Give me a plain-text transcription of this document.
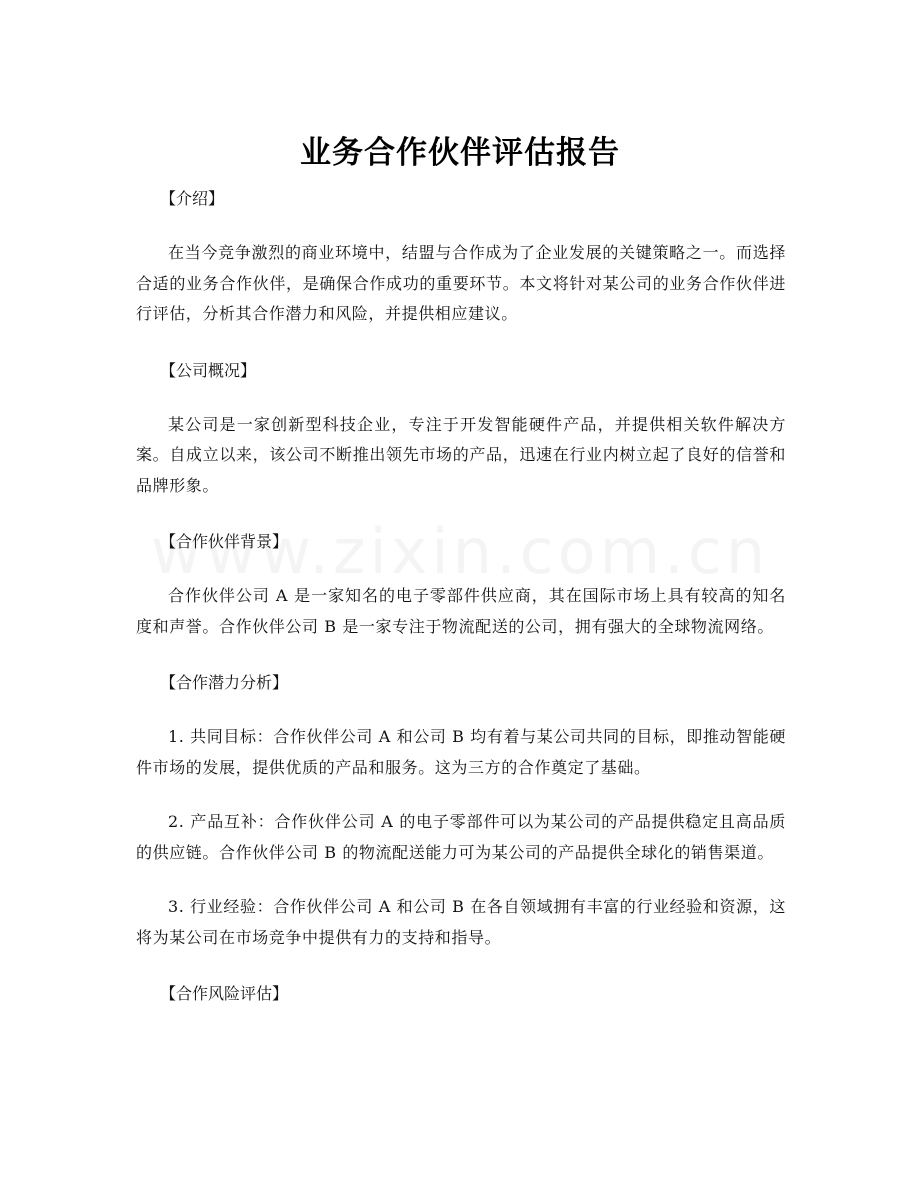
业务合作伙伴评估报告
【介绍】

在当今竞争激烈的商业环境中，结盟与合作成为了企业发展的关键策略之一。而选择合适的业务合作伙伴，是确保合作成功的重要环节。本文将针对某公司的业务合作伙伴进行评估，分析其合作潜力和风险，并提供相应建议。

【公司概况】

某公司是一家创新型科技企业，专注于开发智能硬件产品，并提供相关软件解决方案。自成立以来，该公司不断推出领先市场的产品，迅速在行业内树立起了良好的信誉和品牌形象。

【合作伙伴背景】

合作伙伴公司 A 是一家知名的电子零部件供应商，其在国际市场上具有较高的知名度和声誉。合作伙伴公司 B 是一家专注于物流配送的公司，拥有强大的全球物流网络。

【合作潜力分析】

1. 共同目标：合作伙伴公司 A 和公司 B 均有着与某公司共同的目标，即推动智能硬件市场的发展，提供优质的产品和服务。这为三方的合作奠定了基础。

2. 产品互补：合作伙伴公司 A 的电子零部件可以为某公司的产品提供稳定且高品质的供应链。合作伙伴公司 B 的物流配送能力可为某公司的产品提供全球化的销售渠道。

3. 行业经验：合作伙伴公司 A 和公司 B 在各自领域拥有丰富的行业经验和资源，这将为某公司在市场竞争中提供有力的支持和指导。

【合作风险评估】
